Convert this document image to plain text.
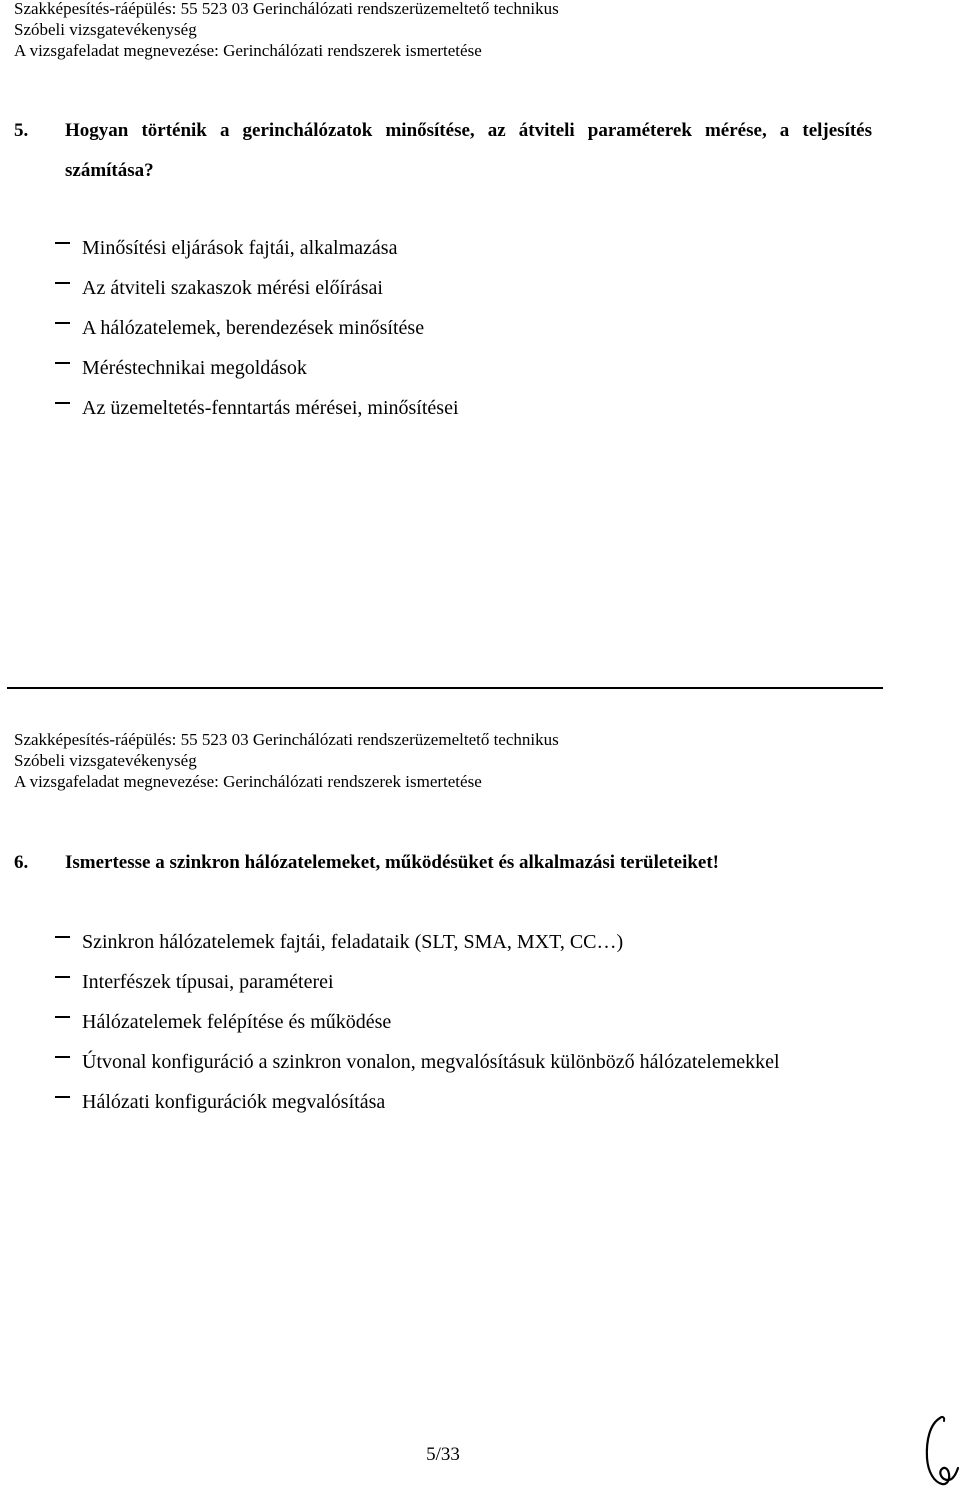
Szakképesítés-ráépülés: 55 523 03 Gerinchálózati rendszerüzemeltető technikus
Szóbeli vizsgatevékenység
A vizsgafeladat megnevezése: Gerinchálózati rendszerek ismertetése
5. Hogyan történik a gerinchálózatok minősítése, az átviteli paraméterek mérése, a teljesítés számítása?
Minősítési eljárások fajtái, alkalmazása
Az átviteli szakaszok mérési előírásai
A hálózatelemek, berendezések minősítése
Méréstechnikai megoldások
Az üzemeltetés-fenntartás mérései, minősítései
Szakképesítés-ráépülés: 55 523 03 Gerinchálózati rendszerüzemeltető technikus
Szóbeli vizsgatevékenység
A vizsgafeladat megnevezése: Gerinchálózati rendszerek ismertetése
6. Ismertesse a szinkron hálózatelemeket, működésüket és alkalmazási területeiket!
Szinkron hálózatelemek fajtái, feladataik (SLT, SMA, MXT, CC…)
Interfészek típusai, paraméterei
Hálózatelemek felépítése és működése
Útvonal konfiguráció a szinkron vonalon, megvalósításuk különböző hálózatelemekkel
Hálózati konfigurációk megvalósítása
5/33
